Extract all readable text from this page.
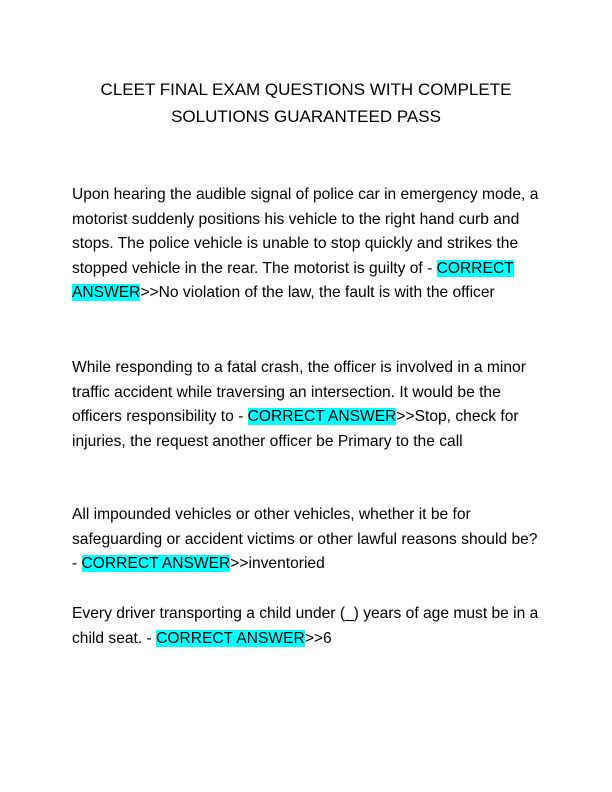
CLEET FINAL EXAM QUESTIONS WITH COMPLETE
SOLUTIONS GUARANTEED PASS

Upon hearing the audible signal of police car in emergency mode, a motorist suddenly positions his vehicle to the right hand curb and stops. The police vehicle is unable to stop quickly and strikes the stopped vehicle in the rear. The motorist is guilty of - CORRECT ANSWER>>No violation of the law, the fault is with the officer

While responding to a fatal crash, the officer is involved in a minor traffic accident while traversing an intersection. It would be the officers responsibility to - CORRECT ANSWER>>Stop, check for injuries, the request another officer be Primary to the call

All impounded vehicles or other vehicles, whether it be for safeguarding or accident victims or other lawful reasons should be? - CORRECT ANSWER>>inventoried

Every driver transporting a child under (_) years of age must be in a child seat. - CORRECT ANSWER>>6
